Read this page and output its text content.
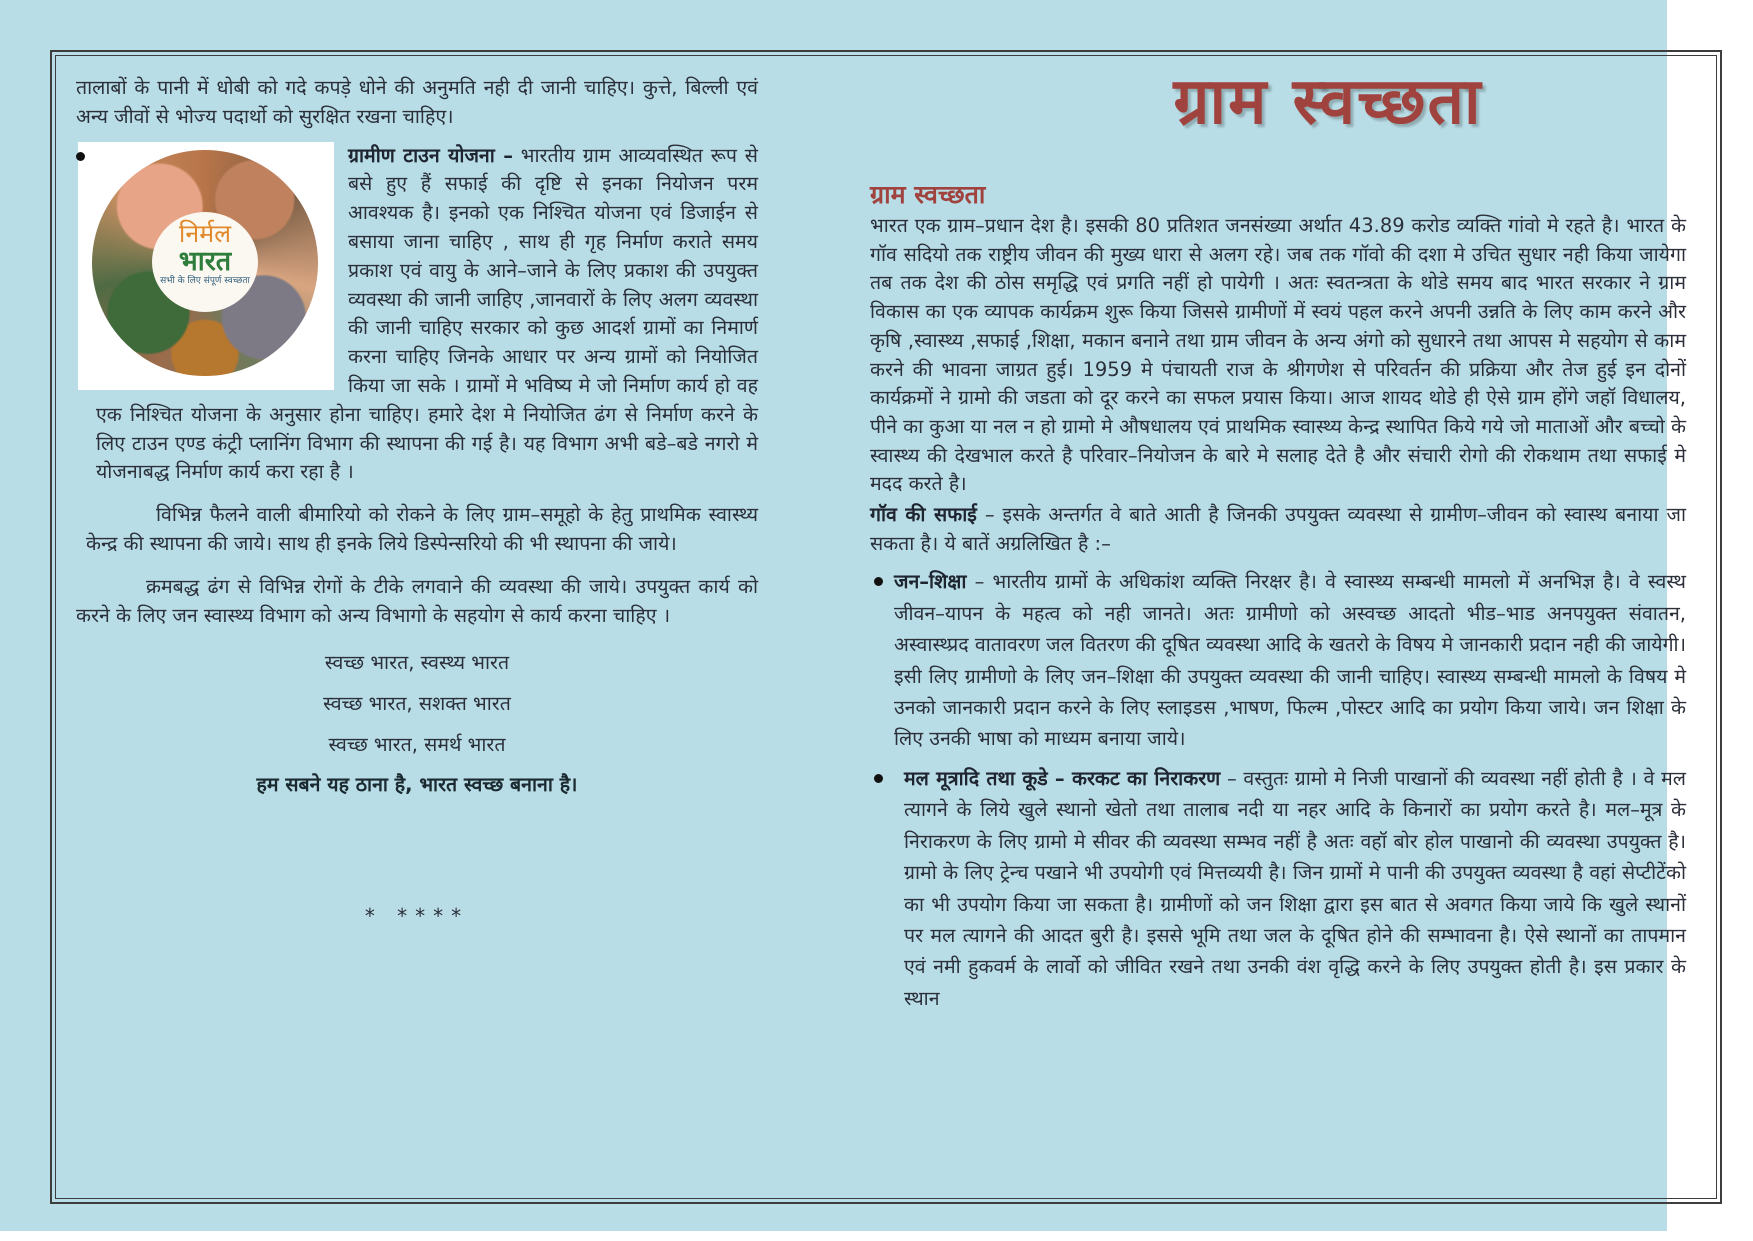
तालाबों के पानी में धोबी को गदे कपड़े धोने की अनुमति नही दी जानी चाहिए। कुत्ते, बिल्ली एवं अन्य जीवों से भोज्य पदार्थो को सुरक्षित रखना चाहिए।

निर्मल
भारत
सभी के लिए संपूर्ण स्वच्छता

ग्रामीण टाउन योजना – भारतीय ग्राम आव्यवस्थित रूप से बसे हुए हैं सफाई की दृष्टि से इनका नियोजन परम आवश्यक है। इनको एक निश्चित योजना एवं डिजाईन से बसाया जाना चाहिए , साथ ही गृह निर्माण कराते समय प्रकाश एवं वायु के आने–जाने के लिए प्रकाश की उपयुक्त व्यवस्था की जानी जाहिए ,जानवारों के लिए अलग व्यवस्था की जानी चाहिए सरकार को कुछ आदर्श ग्रामों का निमार्ण करना चाहिए जिनके आधार पर अन्य ग्रामों को नियोजित किया जा सके । ग्रामों मे भविष्य मे जो निर्माण कार्य हो वह एक निश्चित योजना के अनुसार होना चाहिए। हमारे देश मे नियोजित ढंग से निर्माण करने के लिए टाउन एण्ड कंट्री प्लानिंग विभाग की स्थापना की गई है। यह विभाग अभी बडे–बडे नगरो मे योजनाबद्ध निर्माण कार्य करा रहा है ।

विभिन्न फैलने वाली बीमारियो को रोकने के लिए ग्राम–समूहो के हेतु प्राथमिक स्वास्थ्य केन्द्र की स्थापना की जाये। साथ ही इनके लिये डिस्पेन्सरियो की भी स्थापना की जाये।

क्रमबद्ध ढंग से विभिन्न रोगों के टीके लगवाने की व्यवस्था की जाये। उपयुक्त कार्य को करने के लिए जन स्वास्थ्य विभाग को अन्य विभागो के सहयोग से कार्य करना चाहिए ।

स्वच्छ भारत, स्वस्थ्य भारत

स्वच्छ भारत, सशक्त भारत

स्वच्छ भारत, समर्थ भारत

हम सबने यह ठाना है, भारत स्वच्छ बनाना है।

* ****
ग्राम स्वच्छता
ग्राम स्वच्छता

भारत एक ग्राम–प्रधान देश है। इसकी 80 प्रतिशत जनसंख्या अर्थात 43.89 करोड व्यक्ति गांवो मे रहते है। भारत के गॉव सदियो तक राष्ट्रीय जीवन की मुख्य धारा से अलग रहे। जब तक गॉवो की दशा मे उचित सुधार नही किया जायेगा तब तक देश की ठोस समृद्धि एवं प्रगति नहीं हो पायेगी । अतः स्वतन्त्रता के थोडे समय बाद भारत सरकार ने ग्राम विकास का एक व्यापक कार्यक्रम शुरू किया जिससे ग्रामीणों में स्वयं पहल करने अपनी उन्नति के लिए काम करने और कृषि ,स्वास्थ्य ,सफाई ,शिक्षा, मकान बनाने तथा ग्राम जीवन के अन्य अंगो को सुधारने तथा आपस मे सहयोग से काम करने की भावना जाग्रत हुई। 1959 मे पंचायती राज के श्रीगणेश से परिवर्तन की प्रक्रिया और तेज हुई इन दोनों कार्यक्रमों ने ग्रामो की जडता को दूर करने का सफल प्रयास किया। आज शायद थोडे ही ऐसे ग्राम होंगे जहॉ विधालय, पीने का कुआ या नल न हो ग्रामो मे औषधालय एवं प्राथमिक स्वास्थ्य केन्द्र स्थापित किये गये जो माताओं और बच्चो के स्वास्थ्य की देखभाल करते है परिवार–नियोजन के बारे मे सलाह देते है और संचारी रोगो की रोकथाम तथा सफाई मे मदद करते है।

गॉव की सफाई – इसके अन्तर्गत वे बाते आती है जिनकी उपयुक्त व्यवस्था से ग्रामीण–जीवन को स्वास्थ बनाया जा सकता है। ये बातें अग्रलिखित है :–

जन–शिक्षा – भारतीय ग्रामों के अधिकांश व्यक्ति निरक्षर है। वे स्वास्थ्य सम्बन्धी मामलो में अनभिज्ञ है। वे स्वस्थ जीवन–यापन के महत्व को नही जानते। अतः ग्रामीणो को अस्वच्छ आदतो भीड–भाड अनपयुक्त संवातन, अस्वास्थ्प्रद वातावरण जल वितरण की दूषित व्यवस्था आदि के खतरो के विषय मे जानकारी प्रदान नही की जायेगी। इसी लिए ग्रामीणो के लिए जन–शिक्षा की उपयुक्त व्यवस्था की जानी चाहिए। स्वास्थ्य सम्बन्धी मामलो के विषय मे उनको जानकारी प्रदान करने के लिए स्लाइडस ,भाषण, फिल्म ,पोस्टर आदि का प्रयोग किया जाये। जन शिक्षा के लिए उनकी भाषा को माध्यम बनाया जाये।

मल मूत्रादि तथा कूडे – करकट का निराकरण – वस्तुतः ग्रामो मे निजी पाखानों की व्यवस्था नहीं होती है । वे मल त्यागने के लिये खुले स्थानो खेतो तथा तालाब नदी या नहर आदि के किनारों का प्रयोग करते है। मल–मूत्र के निराकरण के लिए ग्रामो मे सीवर की व्यवस्था सम्भव नहीं है अतः वहॉ बोर होल पाखानो की व्यवस्था उपयुक्त है। ग्रामो के लिए ट्रेन्च पखाने भी उपयोगी एवं मित्तव्ययी है। जिन ग्रामों मे पानी की उपयुक्त व्यवस्था है वहां सेप्टीटेंको का भी उपयोग किया जा सकता है। ग्रामीणों को जन शिक्षा द्वारा इस बात से अवगत किया जाये कि खुले स्थानों पर मल त्यागने की आदत बुरी है। इससे भूमि तथा जल के दूषित होने की सम्भावना है। ऐसे स्थानों का तापमान एवं नमी हुकवर्म के लार्वो को जीवित रखने तथा उनकी वंश वृद्धि करने के लिए उपयुक्त होती है। इस प्रकार के स्थान
